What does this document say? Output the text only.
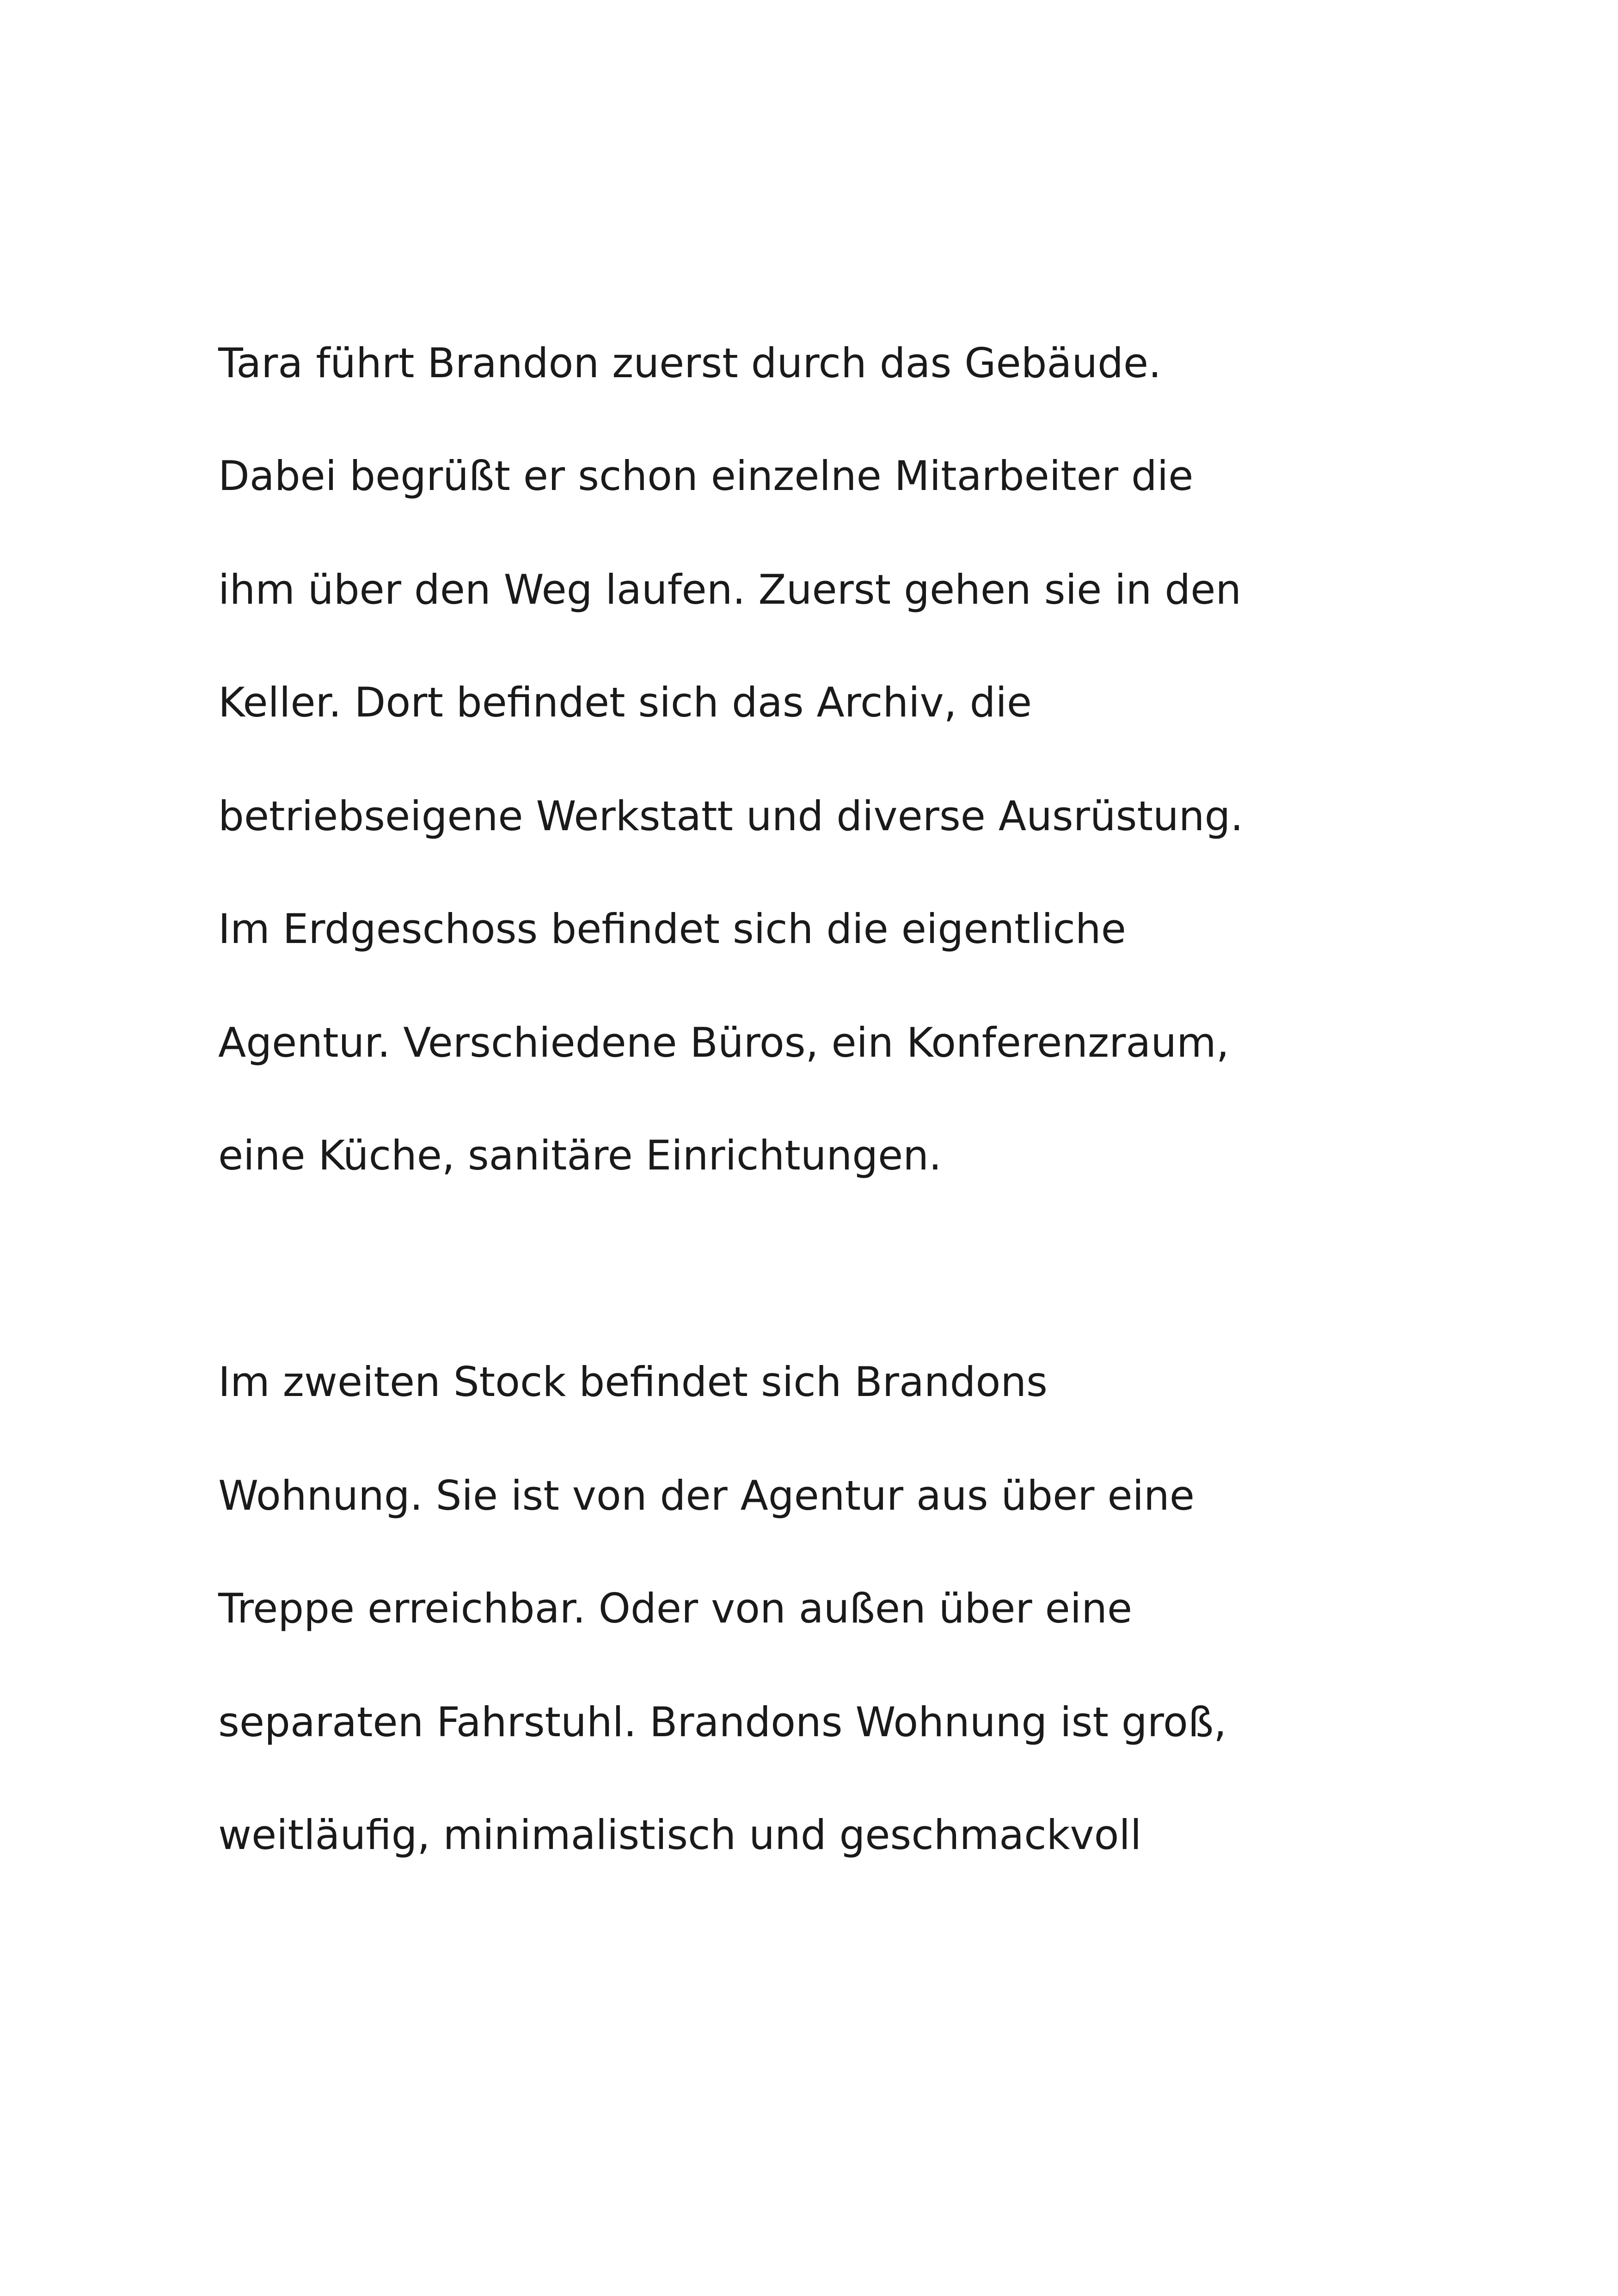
Tara führt Brandon zuerst durch das Gebäude.

Dabei begrüßt er schon einzelne Mitarbeiter die

ihm über den Weg laufen. Zuerst gehen sie in den

Keller. Dort befindet sich das Archiv, die

betriebseigene Werkstatt und diverse Ausrüstung.

Im Erdgeschoss befindet sich die eigentliche

Agentur. Verschiedene Büros, ein Konferenzraum,

eine Küche, sanitäre Einrichtungen.

Im zweiten Stock befindet sich Brandons

Wohnung. Sie ist von der Agentur aus über eine

Treppe erreichbar. Oder von außen über eine

separaten Fahrstuhl. Brandons Wohnung ist groß,

weitläufig, minimalistisch und geschmackvoll
